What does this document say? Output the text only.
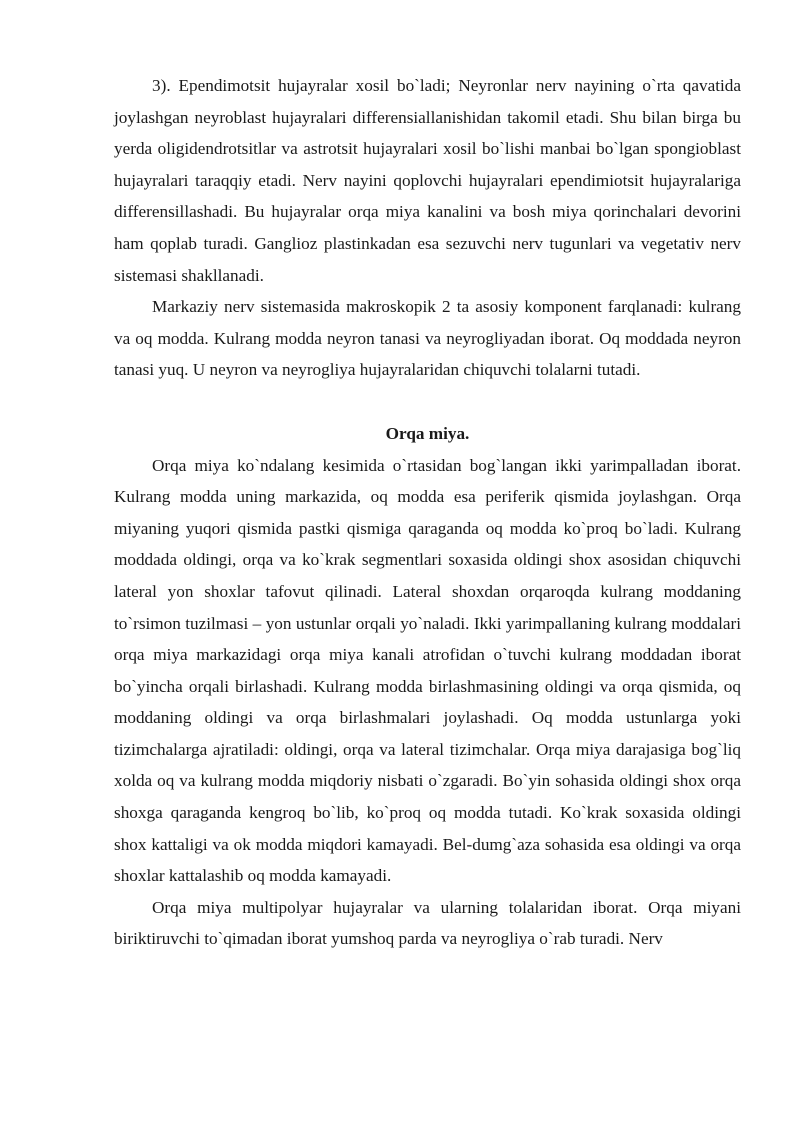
3). Ependimotsit hujayralar xosil bo`ladi; Neyronlar nerv nayining o`rta qavatida joylashgan neyroblast hujayralari differensiallanishidan takomil etadi. Shu bilan birga bu yerda oligidendrotsitlar va astrotsit hujayralari xosil bo`lishi manbai bo`lgan spongioblast hujayralari taraqqiy etadi. Nerv nayini qoplovchi hujayralari ependimiotsit hujayralariga differensillashadi. Bu hujayralar orqa miya kanalini va bosh miya qorinchalari devorini ham qoplab turadi. Ganglioz plastinkadan esa sezuvchi nerv tugunlari va vegetativ nerv sistemasi shakllanadi.

Markaziy nerv sistemasida makroskopik 2 ta asosiy komponent farqlanadi: kulrang va oq modda. Kulrang modda neyron tanasi va neyrogliyadan iborat. Oq moddada neyron tanasi yuq. U neyron va neyrogliya hujayralaridan chiquvchi tolalarni tutadi.

Orqa miya.

Orqa miya ko`ndalang kesimida o`rtasidan bog`langan ikki yarimpalladan iborat. Kulrang modda uning markazida, oq modda esa periferik qismida joylashgan. Orqa miyaning yuqori qismida pastki qismiga qaraganda oq modda ko`proq bo`ladi. Kulrang moddada oldingi, orqa va ko`krak segmentlari soxasida oldingi shox asosidan chiquvchi lateral yon shoxlar tafovut qilinadi. Lateral shoxdan orqaroqda kulrang moddaning to`rsimon tuzilmasi – yon ustunlar orqali yo`naladi. Ikki yarimpallaning kulrang moddalari orqa miya markazidagi orqa miya kanali atrofidan o`tuvchi kulrang moddadan iborat bo`yincha orqali birlashadi. Kulrang modda birlashmasining oldingi va orqa qismida, oq moddaning oldingi va orqa birlashmalari joylashadi. Oq modda ustunlarga yoki tizimchalarga ajratiladi: oldingi, orqa va lateral tizimchalar. Orqa miya darajasiga bog`liq xolda oq va kulrang modda miqdoriy nisbati o`zgaradi. Bo`yin sohasida oldingi shox orqa shoxga qaraganda kengroq bo`lib, ko`proq oq modda tutadi. Ko`krak soxasida oldingi shox kattaligi va ok modda miqdori kamayadi. Bel-dumg`aza sohasida esa oldingi va orqa shoxlar kattalashib oq modda kamayadi.

Orqa miya multipolyar hujayralar va ularning tolalaridan iborat. Orqa miyani biriktiruvchi to`qimadan iborat yumshoq parda va neyrogliya o`rab turadi. Nerv
